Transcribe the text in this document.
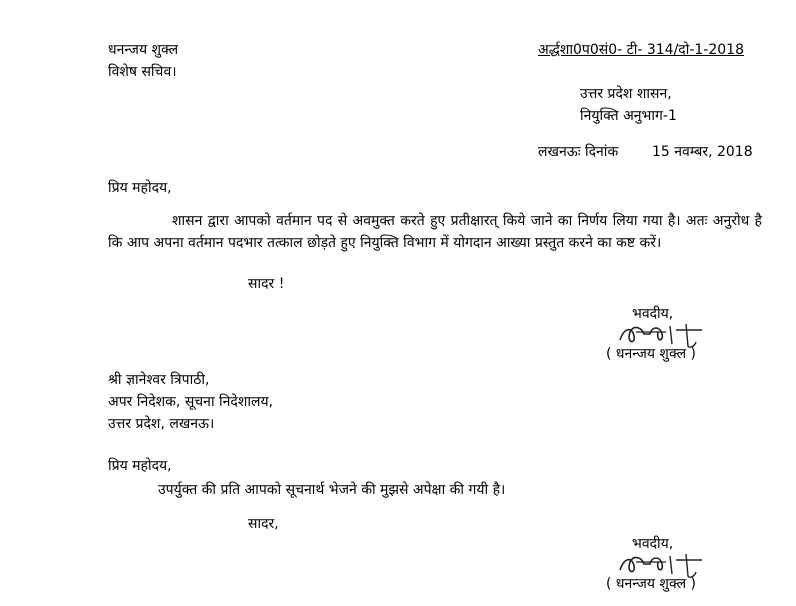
धनन्जय शुक्ल
विशेष सचिव।
अर्द्धशा0प0सं0- टी- 314/दो-1-2018
उत्तर प्रदेश शासन,
नियुक्ति अनुभाग-1
लखनऊः दिनांक 15 नवम्बर, 2018
प्रिय महोदय,
शासन द्वारा आपको वर्तमान पद से अवमुक्त करते हुए प्रतीक्षारत् किये जाने का निर्णय लिया गया है। अतः अनुरोध है कि आप अपना वर्तमान पदभार तत्काल छोड़ते हुए नियुक्ति विभाग में योगदान आख्या प्रस्तुत करने का कष्ट करें।
सादर !
भवदीय,
( धनन्जय शुक्ल )
श्री ज्ञानेश्वर त्रिपाठी,
अपर निदेशक, सूचना निदेशालय,
उत्तर प्रदेश, लखनऊ।
प्रिय महोदय,
उपर्युक्त की प्रति आपको सूचनार्थ भेजने की मुझसे अपेक्षा की गयी है।
सादर,
भवदीय,
( धनन्जय शुक्ल )
